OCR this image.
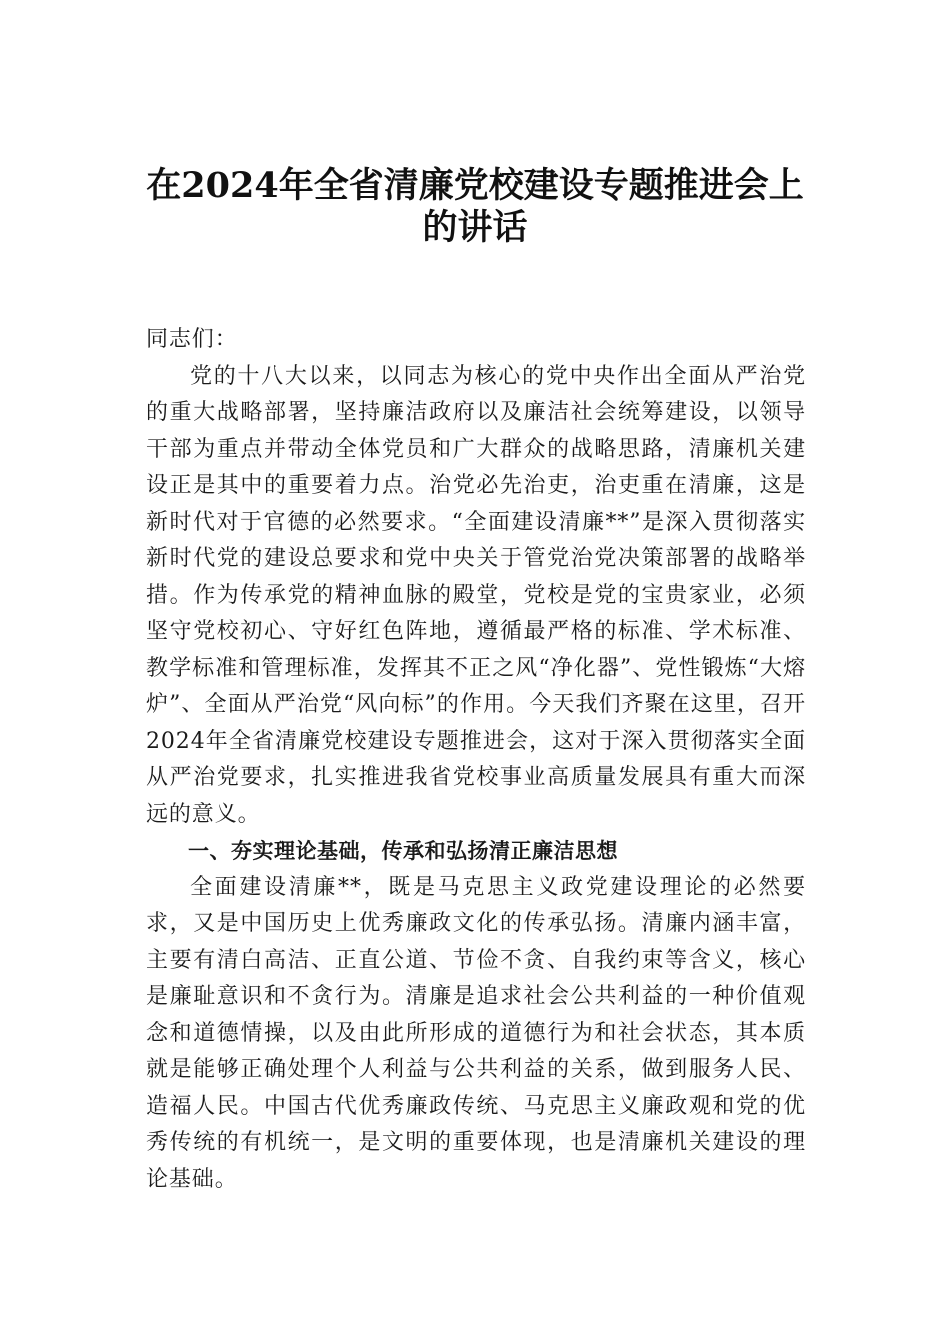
在2024年全省清廉党校建设专题推进会上
的讲话

同志们：

党的十八大以来，以同志为核心的党中央作出全面从严治党的重大战略部署，坚持廉洁政府以及廉洁社会统筹建设，以领导干部为重点并带动全体党员和广大群众的战略思路，清廉机关建设正是其中的重要着力点。治党必先治吏，治吏重在清廉，这是新时代对于官德的必然要求。“全面建设清廉**”是深入贯彻落实新时代党的建设总要求和党中央关于管党治党决策部署的战略举措。作为传承党的精神血脉的殿堂，党校是党的宝贵家业，必须坚守党校初心、守好红色阵地，遵循最严格的标准、学术标准、教学标准和管理标准，发挥其不正之风“净化器”、党性锻炼“大熔炉”、全面从严治党“风向标”的作用。今天我们齐聚在这里，召开2024年全省清廉党校建设专题推进会，这对于深入贯彻落实全面从严治党要求，扎实推进我省党校事业高质量发展具有重大而深远的意义。

一、夯实理论基础，传承和弘扬清正廉洁思想

全面建设清廉**，既是马克思主义政党建设理论的必然要求，又是中国历史上优秀廉政文化的传承弘扬。清廉内涵丰富，主要有清白高洁、正直公道、节俭不贪、自我约束等含义，核心是廉耻意识和不贪行为。清廉是追求社会公共利益的一种价值观念和道德情操，以及由此所形成的道德行为和社会状态，其本质就是能够正确处理个人利益与公共利益的关系，做到服务人民、造福人民。中国古代优秀廉政传统、马克思主义廉政观和党的优秀传统的有机统一，是文明的重要体现，也是清廉机关建设的理论基础。
